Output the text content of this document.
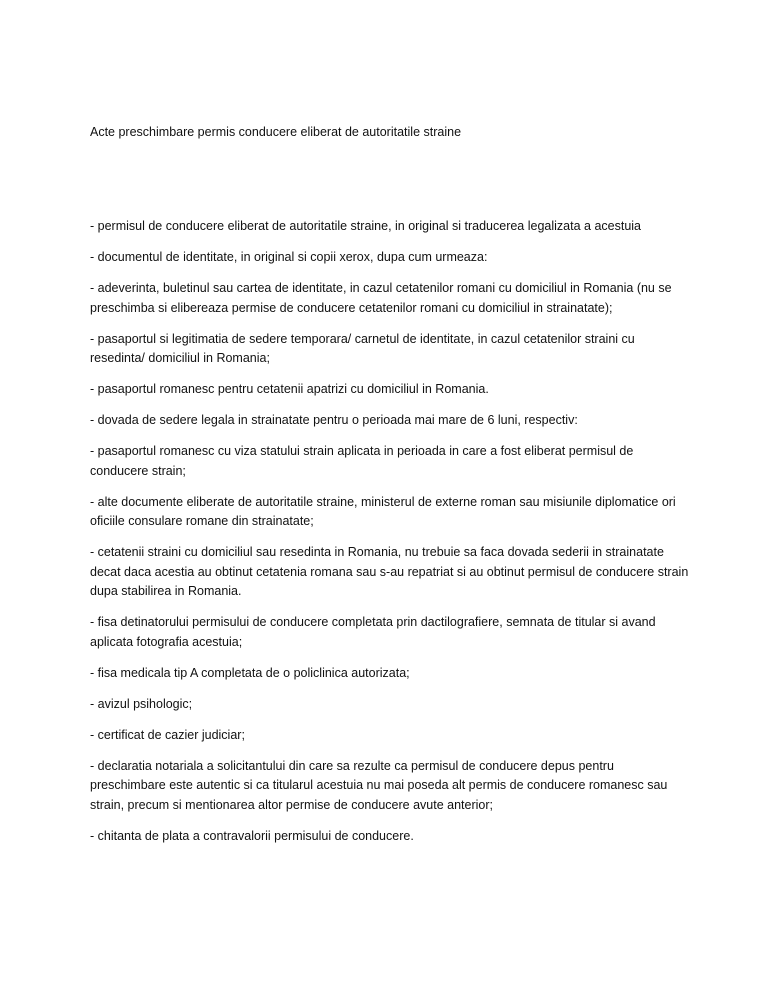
Acte preschimbare permis conducere eliberat de autoritatile straine

- permisul de conducere eliberat de autoritatile straine, in original si traducerea legalizata a acestuia

- documentul de identitate, in original si copii xerox, dupa cum urmeaza:

- adeverinta, buletinul sau cartea de identitate, in cazul cetatenilor romani cu domiciliul in Romania (nu se preschimba si elibereaza permise de conducere cetatenilor romani cu domiciliul in strainatate);

- pasaportul si legitimatia de sedere temporara/ carnetul de identitate, in cazul cetatenilor straini cu resedinta/ domiciliul in Romania;

- pasaportul romanesc pentru cetatenii apatrizi cu domiciliul in Romania.

- dovada de sedere legala in strainatate pentru o perioada mai mare de 6 luni, respectiv:

- pasaportul romanesc cu viza statului strain aplicata in perioada in care a fost eliberat permisul de conducere strain;

- alte documente eliberate de autoritatile straine, ministerul de externe roman sau misiunile diplomatice ori oficiile consulare romane din strainatate;

- cetatenii straini cu domiciliul sau resedinta in Romania, nu trebuie sa faca dovada sederii in strainatate decat daca acestia au obtinut cetatenia romana sau s-au repatriat si au obtinut permisul de conducere strain dupa stabilirea in Romania.

- fisa detinatorului permisului de conducere completata prin dactilografiere, semnata de titular si avand aplicata fotografia acestuia;

- fisa medicala tip A completata de o policlinica autorizata;

- avizul psihologic;

- certificat de cazier judiciar;

- declaratia notariala a solicitantului din care sa rezulte ca permisul de conducere depus pentru preschimbare este autentic si ca titularul acestuia nu mai poseda alt permis de conducere romanesc sau strain, precum si mentionarea altor permise de conducere avute anterior;

- chitanta de plata a contravalorii permisului de conducere.
